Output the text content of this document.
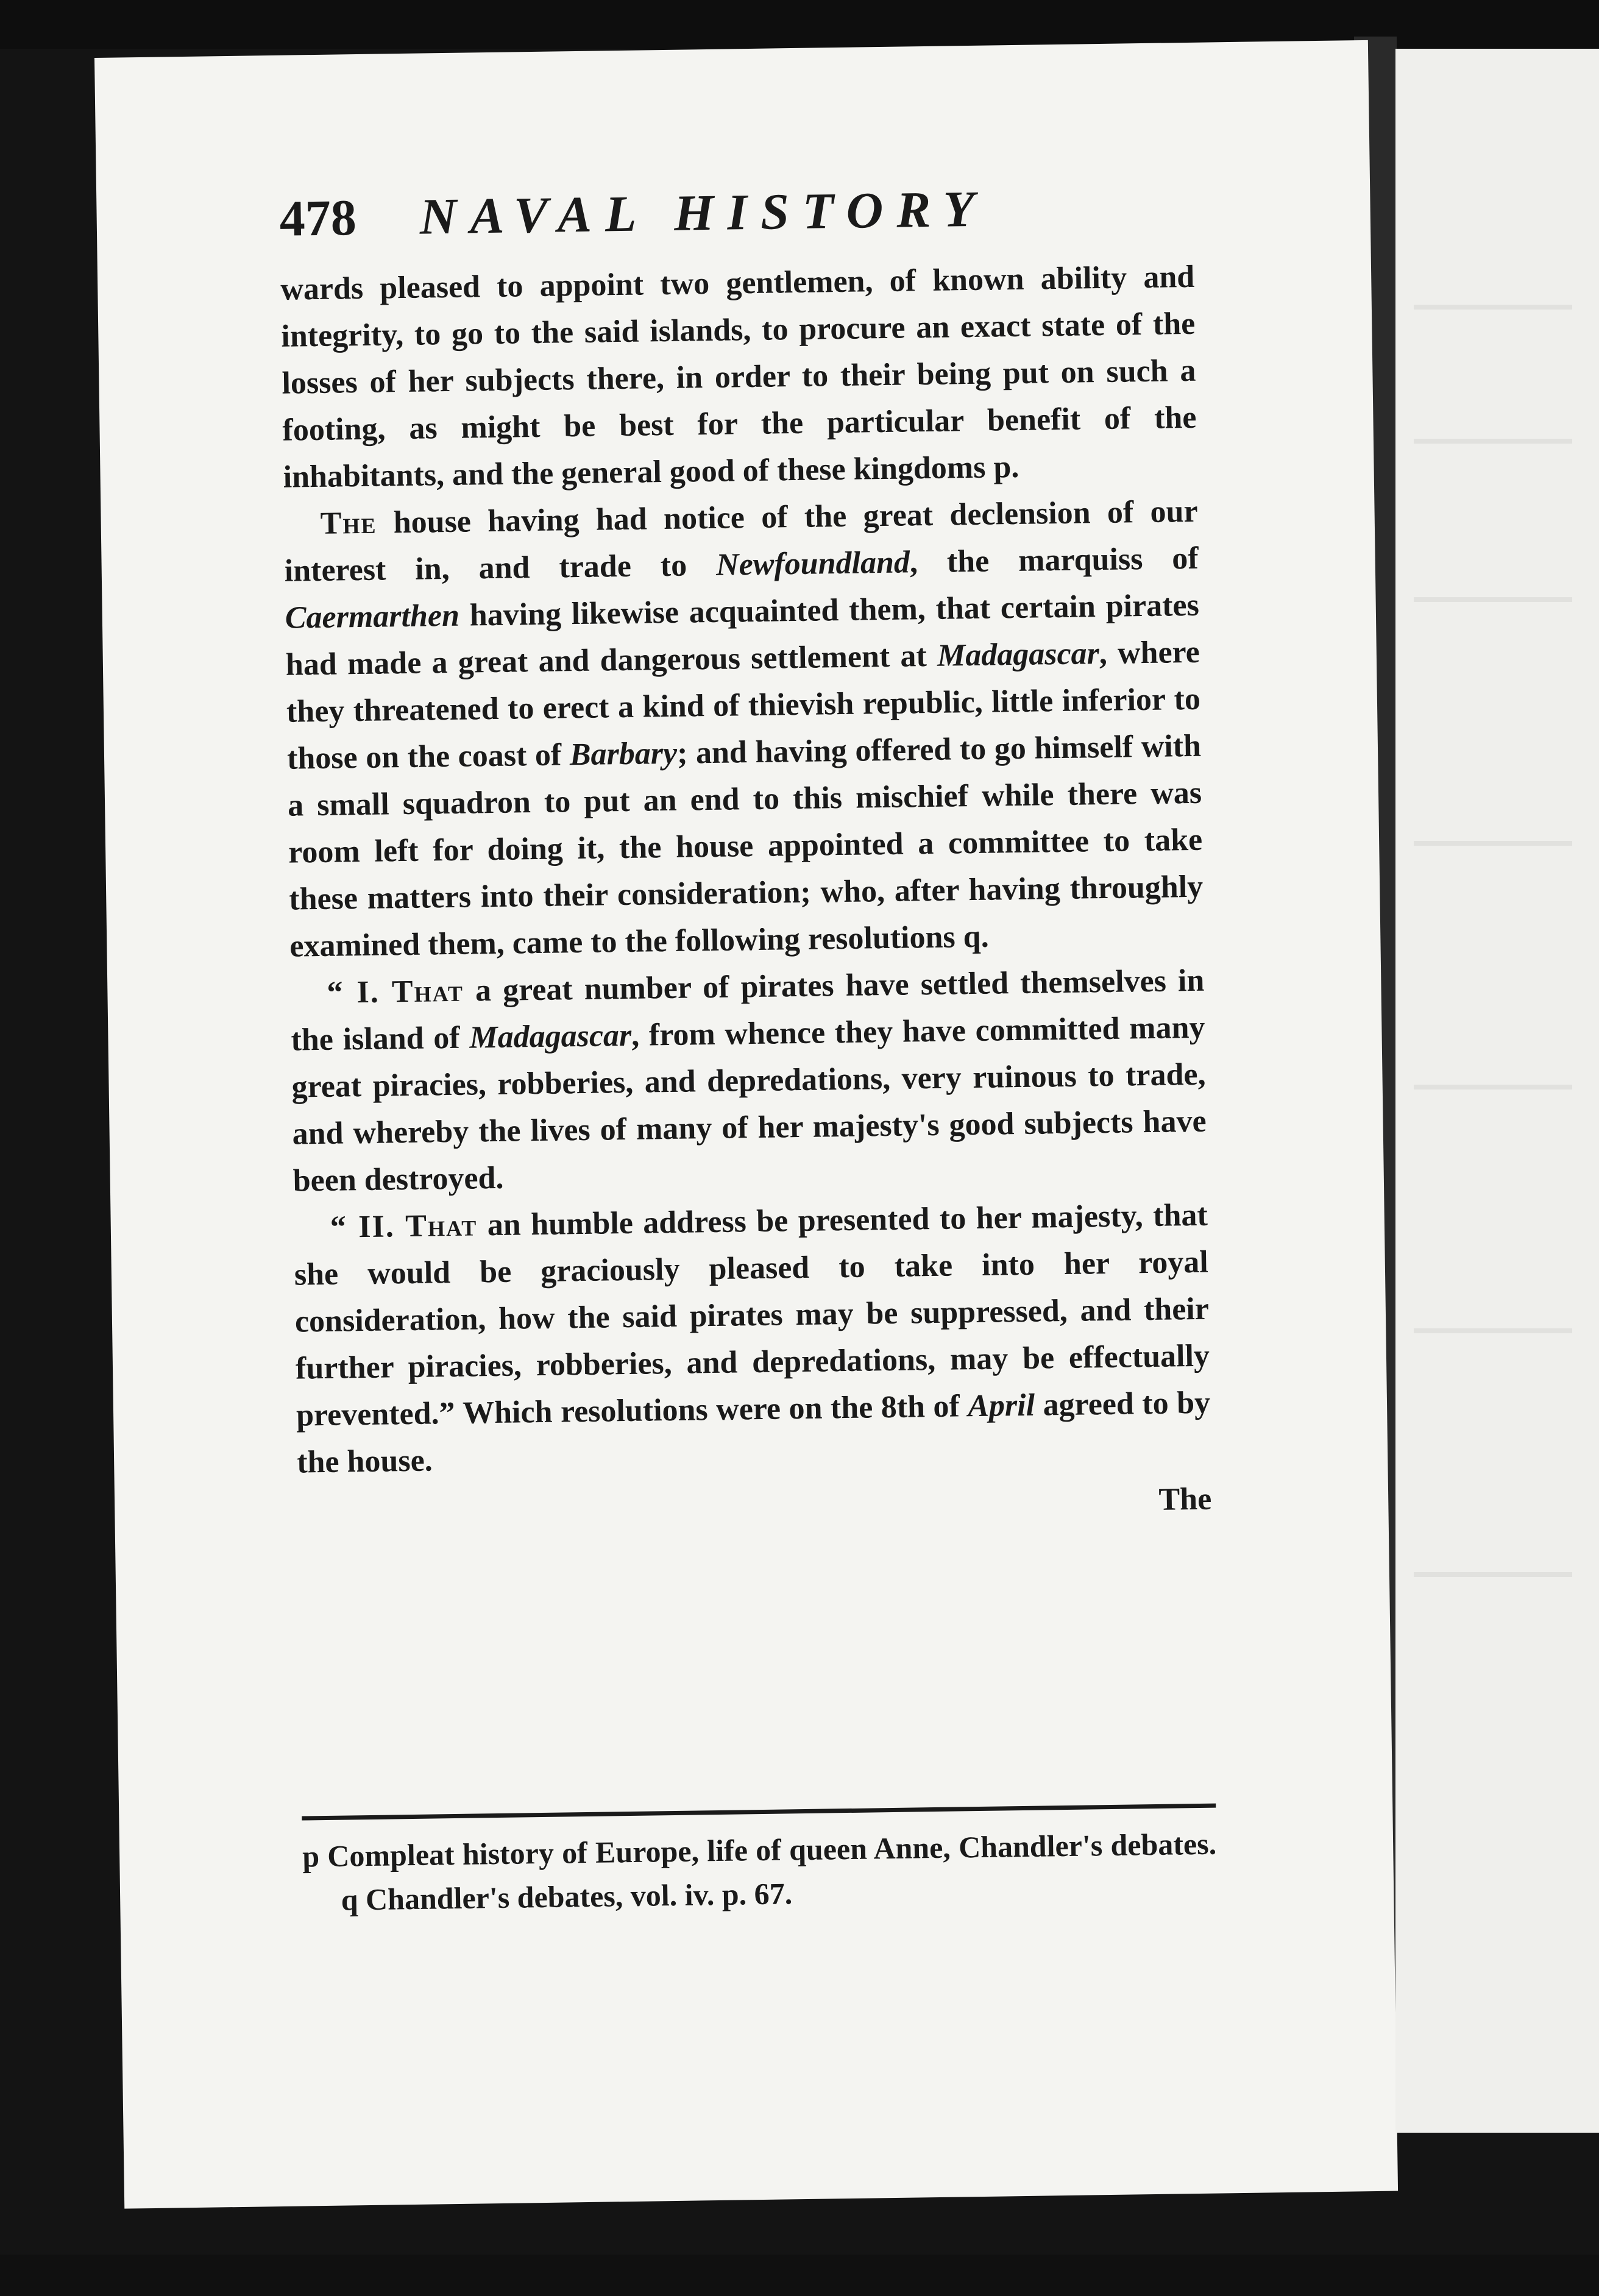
478	NAVAL HISTORY

wards pleased to appoint two gentlemen, of known ability and integrity, to go to the said islands, to procure an exact state of the losses of her subjects there, in order to their being put on such a footing, as might be best for the particular benefit of the inhabitants, and the general good of these kingdoms p.

The house having had notice of the great declension of our interest in, and trade to Newfoundland, the marquiss of Caermarthen having likewise acquainted them, that certain pirates had made a great and dangerous settlement at Madagascar, where they threatened to erect a kind of thievish republic, little inferior to those on the coast of Barbary; and having offered to go himself with a small squadron to put an end to this mischief while there was room left for doing it, the house appointed a committee to take these matters into their consideration; who, after having throughly examined them, came to the following resolutions q.

“ I. That a great number of pirates have settled themselves in the island of Madagascar, from whence they have committed many great piracies, robberies, and depredations, very ruinous to trade, and whereby the lives of many of her majesty's good subjects have been destroyed.

“ II. That an humble address be presented to her majesty, that she would be graciously pleased to take into her royal consideration, how the said pirates may be suppressed, and their further piracies, robberies, and depredations, may be effectually prevented.” Which resolutions were on the 8th of April agreed to by the house.

The
p Compleat history of Europe, life of queen Anne, Chandler's debates.      q Chandler's debates, vol. iv. p. 67.
